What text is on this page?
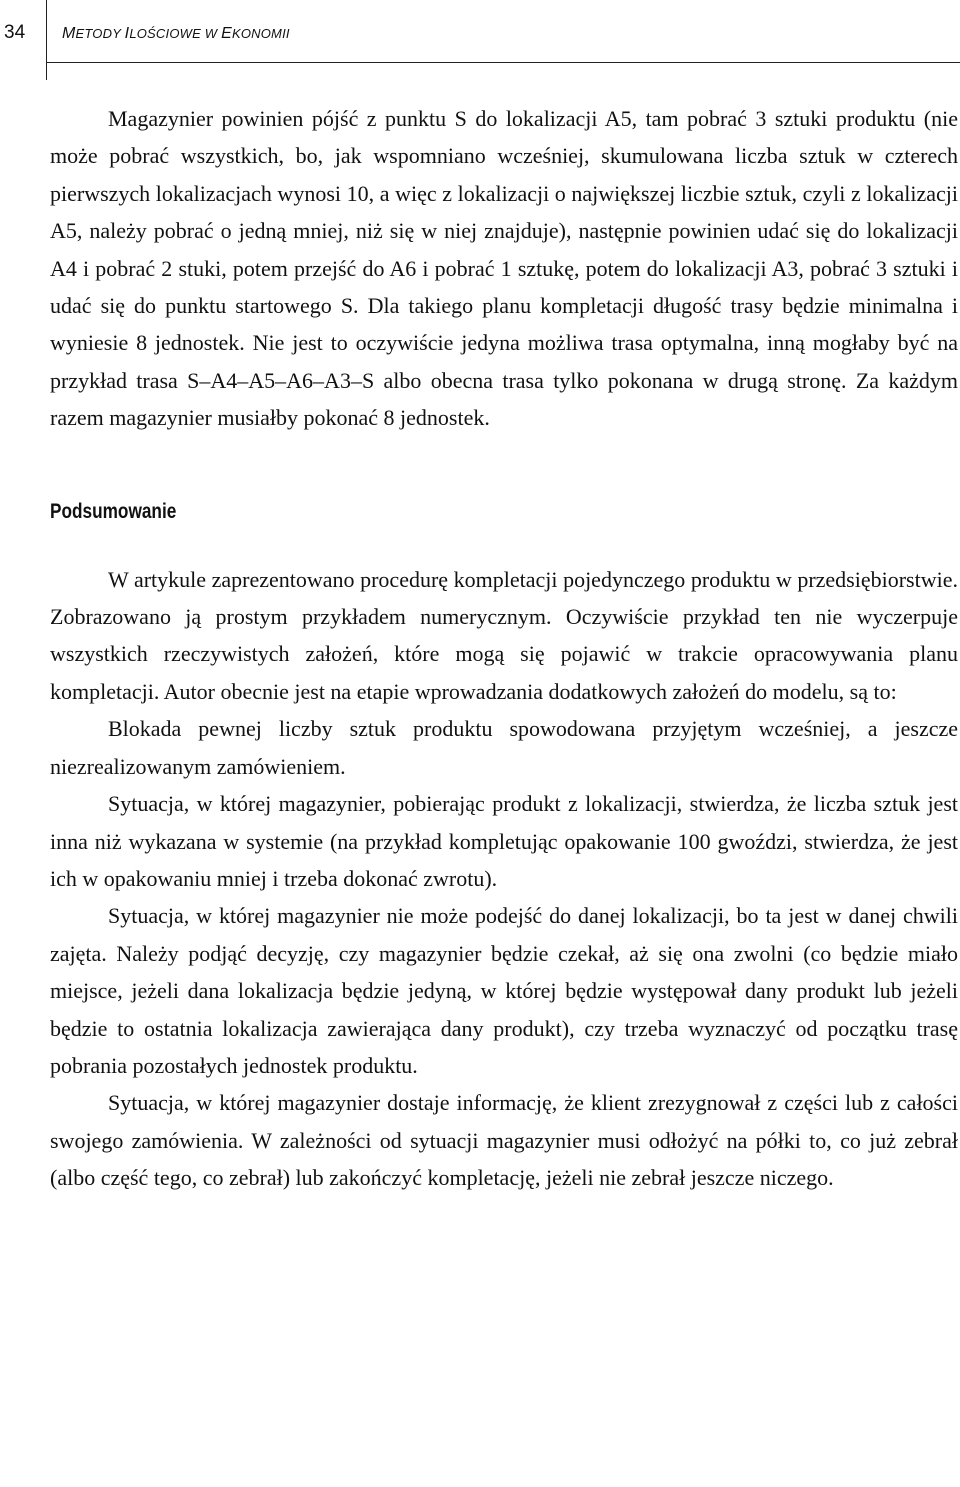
34 METODY ILOŚCIOWE W EKONOMII

Magazynier powinien pójść z punktu S do lokalizacji A5, tam pobrać 3 sztuki produktu (nie może pobrać wszystkich, bo, jak wspomniano wcześniej, skumulowana liczba sztuk w czterech pierwszych lokalizacjach wynosi 10, a więc z lokalizacji o największej liczbie sztuk, czyli z lokalizacji A5, należy pobrać o jedną mniej, niż się w niej znajduje), następnie powinien udać się do lokalizacji A4 i pobrać 2 stuki, potem przejść do A6 i pobrać 1 sztukę, potem do lokalizacji A3, pobrać 3 sztuki i udać się do punktu startowego S. Dla takiego planu kompletacji długość trasy będzie minimalna i wyniesie 8 jednostek. Nie jest to oczywiście jedyna możliwa trasa optymalna, inną mogłaby być na przykład trasa S–A4–A5–A6–A3–S albo obecna trasa tylko pokonana w drugą stronę. Za każdym razem magazynier musiałby pokonać 8 jednostek.

Podsumowanie

W artykule zaprezentowano procedurę kompletacji pojedynczego produktu w przedsiębiorstwie. Zobrazowano ją prostym przykładem numerycznym. Oczywiście przykład ten nie wyczerpuje wszystkich rzeczywistych założeń, które mogą się pojawić w trakcie opracowywania planu kompletacji. Autor obecnie jest na etapie wprowadzania dodatkowych założeń do modelu, są to:

Blokada pewnej liczby sztuk produktu spowodowana przyjętym wcześniej, a jeszcze niezrealizowanym zamówieniem.

Sytuacja, w której magazynier, pobierając produkt z lokalizacji, stwierdza, że liczba sztuk jest inna niż wykazana w systemie (na przykład kompletując opakowanie 100 gwoździ, stwierdza, że jest ich w opakowaniu mniej i trzeba dokonać zwrotu).

Sytuacja, w której magazynier nie może podejść do danej lokalizacji, bo ta jest w danej chwili zajęta. Należy podjąć decyzję, czy magazynier będzie czekał, aż się ona zwolni (co będzie miało miejsce, jeżeli dana lokalizacja będzie jedyną, w której będzie występował dany produkt lub jeżeli będzie to ostatnia lokalizacja zawierająca dany produkt), czy trzeba wyznaczyć od początku trasę pobrania pozostałych jednostek produktu.

Sytuacja, w której magazynier dostaje informację, że klient zrezygnował z części lub z całości swojego zamówienia. W zależności od sytuacji magazynier musi odłożyć na półki to, co już zebrał (albo część tego, co zebrał) lub zakończyć kompletację, jeżeli nie zebrał jeszcze niczego.
